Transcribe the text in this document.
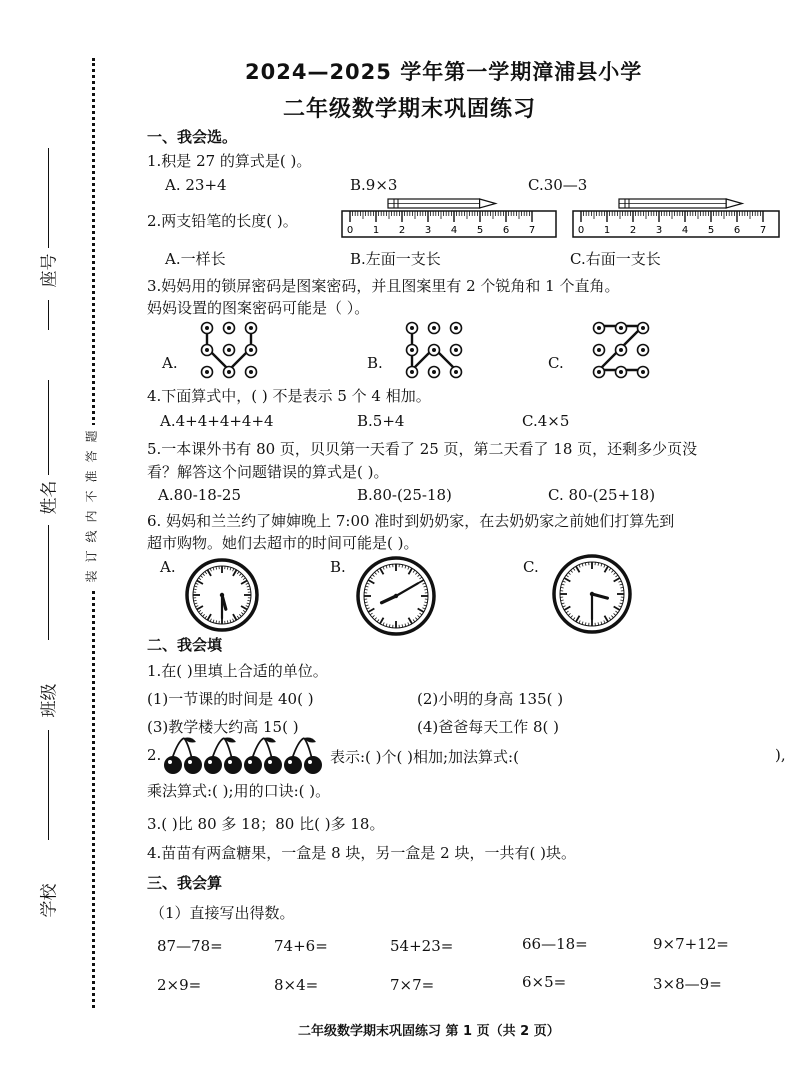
题
答
准
不
内
线
订
装
座号
姓名
班级
学校
2024—2025 学年第一学期漳浦县小学
二年级数学期末巩固练习
一、我会选。
1.积是 27 的算式是( )。
A. 23+4	B.9×3	C.30—3
2.两支铅笔的长度( )。
0 1 2 3 4 5 6 7	0 1 2 3 4 5 6 7
A.一样长	B.左面一支长	C.右面一支长
3.妈妈用的锁屏密码是图案密码，并且图案里有 2 个锐角和 1 个直角。
妈妈设置的图案密码可能是（ ）。
A.	B.	C.
4.下面算式中，( ) 不是表示 5 个 4 相加。
A.4+4+4+4+4	B.5+4	C.4×5
5.一本课外书有 80 页，贝贝第一天看了 25 页，第二天看了 18 页，还剩多少页没
看？解答这个问题错误的算式是( )。
A.80-18-25	B.80-(25-18)	C. 80-(25+18)
6. 妈妈和兰兰约了婶婶晚上 7:00 准时到奶奶家，在去奶奶家之前她们打算先到
超市购物。她们去超市的时间可能是( )。
A.	B.	C.
二、我会填
1.在( )里填上合适的单位。
(1)一节课的时间是 40( )	(2)小明的身高 135( )
(3)教学楼大约高 15( )	(4)爸爸每天工作 8( )
2.	表示:( )个( )相加;加法算式:(	),
乘法算式:( );用的口诀:( )。
3.( )比 80 多 18；80 比( )多 18。
4.苗苗有两盒糖果，一盒是 8 块，另一盒是 2 块，一共有( )块。
三、我会算
（1）直接写出得数。
87—78=	74+6=	54+23=	66—18=	9×7+12=
2×9=	8×4=	7×7=	6×5=	3×8—9=
二年级数学期末巩固练习 第 1 页（共 2 页）
